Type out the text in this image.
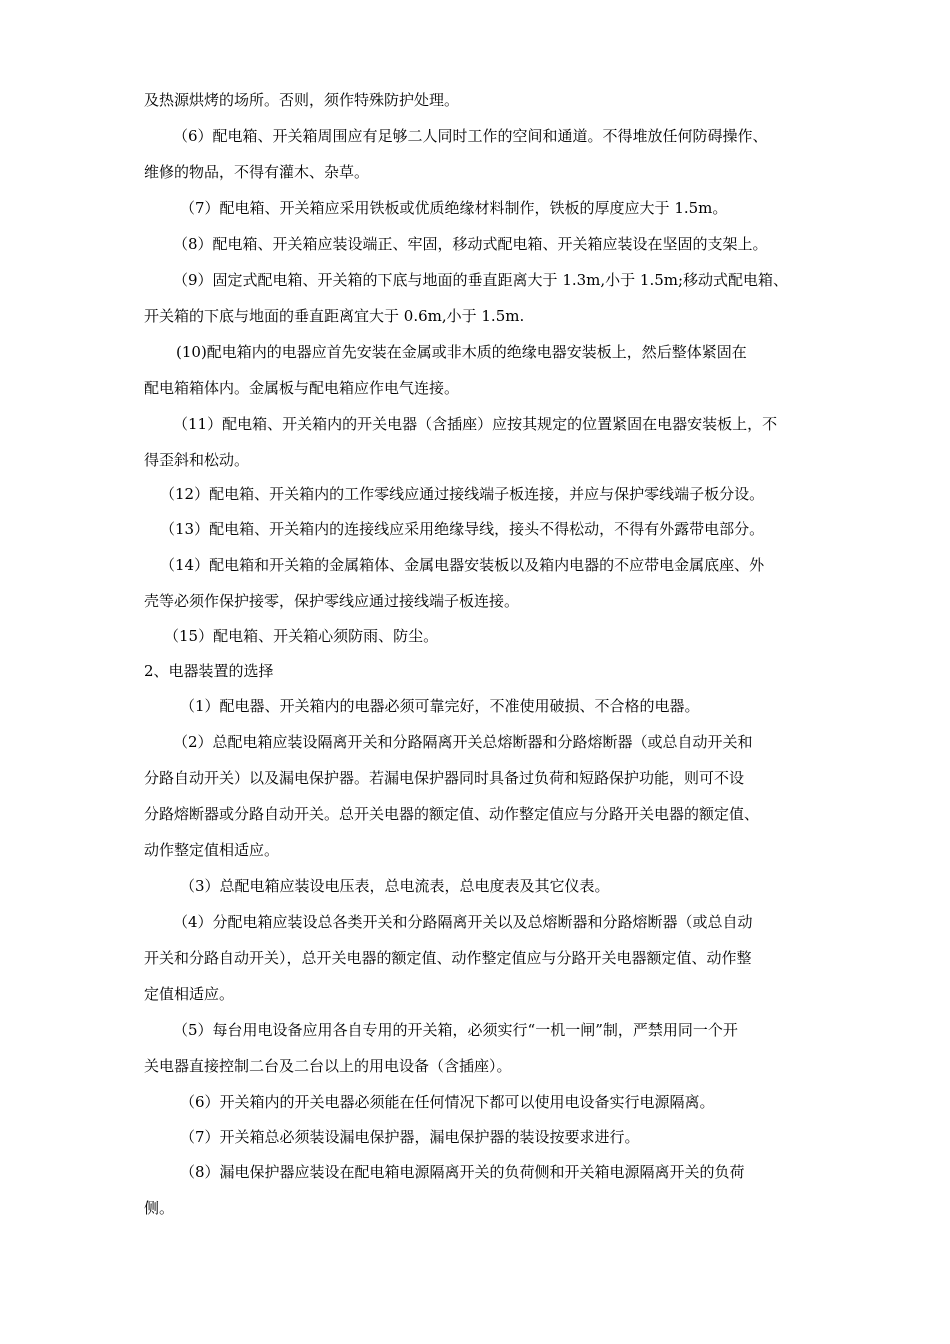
及热源烘烤的场所。否则，须作特殊防护处理。
（6）配电箱、开关箱周围应有足够二人同时工作的空间和通道。不得堆放任何防碍操作、
维修的物品，不得有灌木、杂草。
（7）配电箱、开关箱应采用铁板或优质绝缘材料制作，铁板的厚度应大于 1.5m。
（8）配电箱、开关箱应装设端正、牢固，移动式配电箱、开关箱应装设在坚固的支架上。
（9）固定式配电箱、开关箱的下底与地面的垂直距离大于 1.3m,小于 1.5m;移动式配电箱、
开关箱的下底与地面的垂直距离宜大于 0.6m,小于 1.5m.
(10)配电箱内的电器应首先安装在金属或非木质的绝缘电器安装板上，然后整体紧固在
配电箱箱体内。金属板与配电箱应作电气连接。
（11）配电箱、开关箱内的开关电器（含插座）应按其规定的位置紧固在电器安装板上，不
得歪斜和松动。
（12）配电箱、开关箱内的工作零线应通过接线端子板连接，并应与保护零线端子板分设。
（13）配电箱、开关箱内的连接线应采用绝缘导线，接头不得松动，不得有外露带电部分。
（14）配电箱和开关箱的金属箱体、金属电器安装板以及箱内电器的不应带电金属底座、外
壳等必须作保护接零，保护零线应通过接线端子板连接。
（15）配电箱、开关箱心须防雨、防尘。
2、电器装置的选择
（1）配电器、开关箱内的电器必须可靠完好，不准使用破损、不合格的电器。
（2）总配电箱应装设隔离开关和分路隔离开关总熔断器和分路熔断器（或总自动开关和
分路自动开关）以及漏电保护器。若漏电保护器同时具备过负荷和短路保护功能，则可不设
分路熔断器或分路自动开关。总开关电器的额定值、动作整定值应与分路开关电器的额定值、
动作整定值相适应。
（3）总配电箱应装设电压表，总电流表，总电度表及其它仪表。
（4）分配电箱应装设总各类开关和分路隔离开关以及总熔断器和分路熔断器（或总自动
开关和分路自动开关），总开关电器的额定值、动作整定值应与分路开关电器额定值、动作整
定值相适应。
（5）每台用电设备应用各自专用的开关箱，必须实行“一机一闸”制，严禁用同一个开
关电器直接控制二台及二台以上的用电设备（含插座）。
（6）开关箱内的开关电器必须能在任何情况下都可以使用电设备实行电源隔离。
（7）开关箱总必须装设漏电保护器，漏电保护器的装设按要求进行。
（8）漏电保护器应装设在配电箱电源隔离开关的负荷侧和开关箱电源隔离开关的负荷
侧。
